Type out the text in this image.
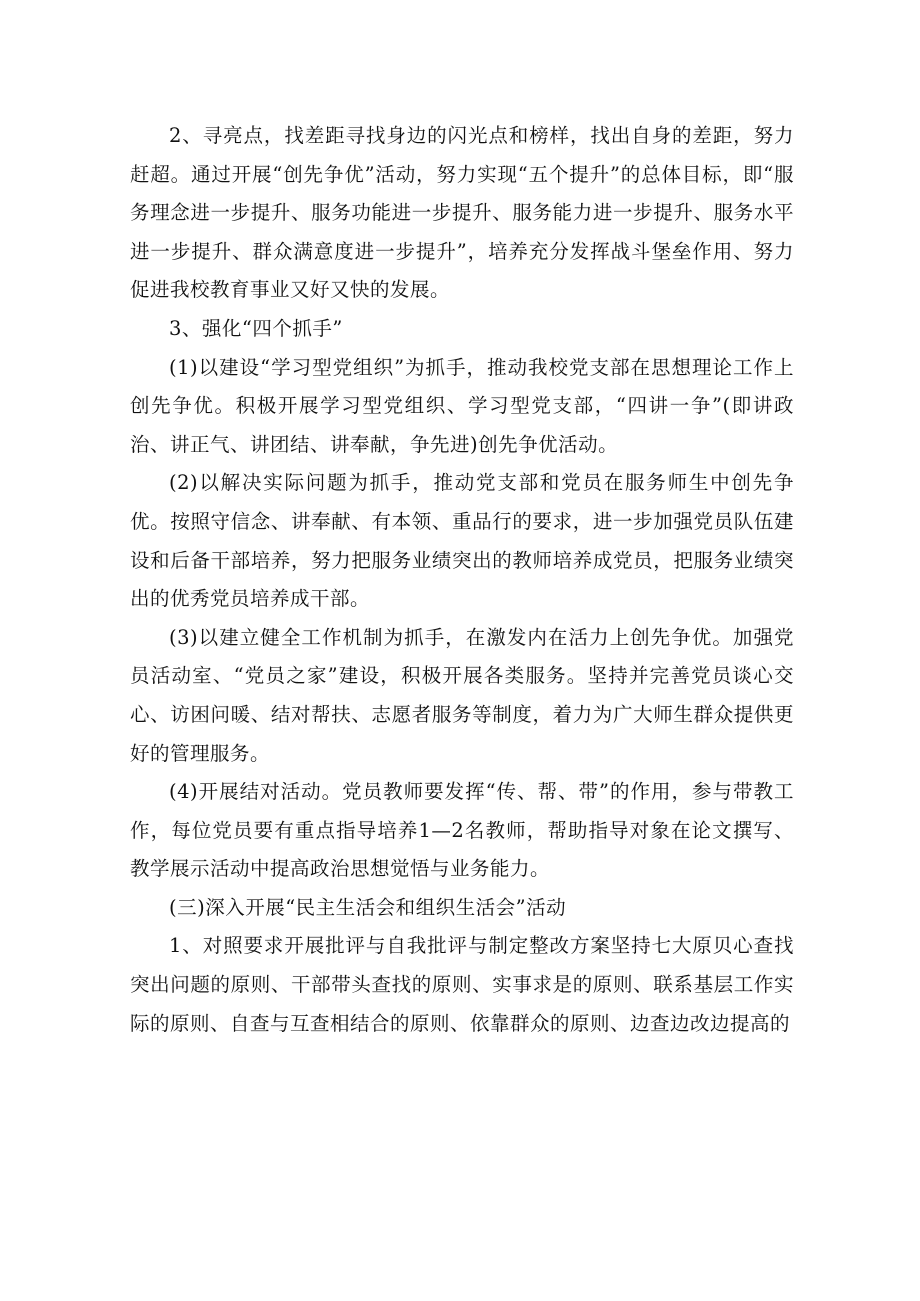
2、寻亮点，找差距寻找身边的闪光点和榜样，找出自身的差距，努力赶超。通过开展“创先争优”活动，努力实现“五个提升”的总体目标，即“服务理念进一步提升、服务功能进一步提升、服务能力进一步提升、服务水平进一步提升、群众满意度进一步提升”，培养充分发挥战斗堡垒作用、努力促进我校教育事业又好又快的发展。

3、强化“四个抓手”

(1)以建设“学习型党组织”为抓手，推动我校党支部在思想理论工作上创先争优。积极开展学习型党组织、学习型党支部，“四讲一争”(即讲政治、讲正气、讲团结、讲奉献，争先进)创先争优活动。

(2)以解决实际问题为抓手，推动党支部和党员在服务师生中创先争优。按照守信念、讲奉献、有本领、重品行的要求，进一步加强党员队伍建设和后备干部培养，努力把服务业绩突出的教师培养成党员，把服务业绩突出的优秀党员培养成干部。

(3)以建立健全工作机制为抓手，在激发内在活力上创先争优。加强党员活动室、“党员之家”建设，积极开展各类服务。坚持并完善党员谈心交心、访困问暖、结对帮扶、志愿者服务等制度，着力为广大师生群众提供更好的管理服务。

(4)开展结对活动。党员教师要发挥“传、帮、带”的作用，参与带教工作，每位党员要有重点指导培养1—2名教师，帮助指导对象在论文撰写、教学展示活动中提高政治思想觉悟与业务能力。

(三)深入开展“民主生活会和组织生活会”活动

1、对照要求开展批评与自我批评与制定整改方案坚持七大原贝心查找突出问题的原则、干部带头查找的原则、实事求是的原则、联系基层工作实际的原则、自查与互查相结合的原则、依靠群众的原则、边查边改边提高的
